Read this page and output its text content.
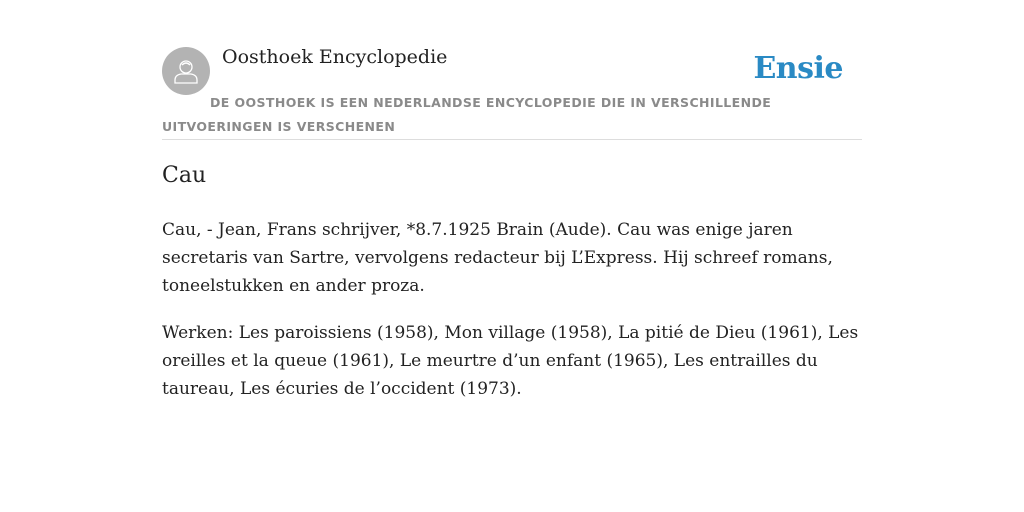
Oosthoek Encyclopedie	Ensie
DE OOSTHOEK IS EEN NEDERLANDSE ENCYCLOPEDIE DIE IN VERSCHILLENDE UITVOERINGEN IS VERSCHENEN
Cau

Cau, - Jean, Frans schrijver, *8.7.1925 Brain (Aude). Cau was enige jaren secretaris van Sartre, vervolgens redacteur bij L’Express. Hij schreef romans, toneelstukken en ander proza.

Werken: Les paroissiens (1958), Mon village (1958), La pitié de Dieu (1961), Les oreilles et la queue (1961), Le meurtre d’un enfant (1965), Les entrailles du taureau, Les écuries de l’occident (1973).
